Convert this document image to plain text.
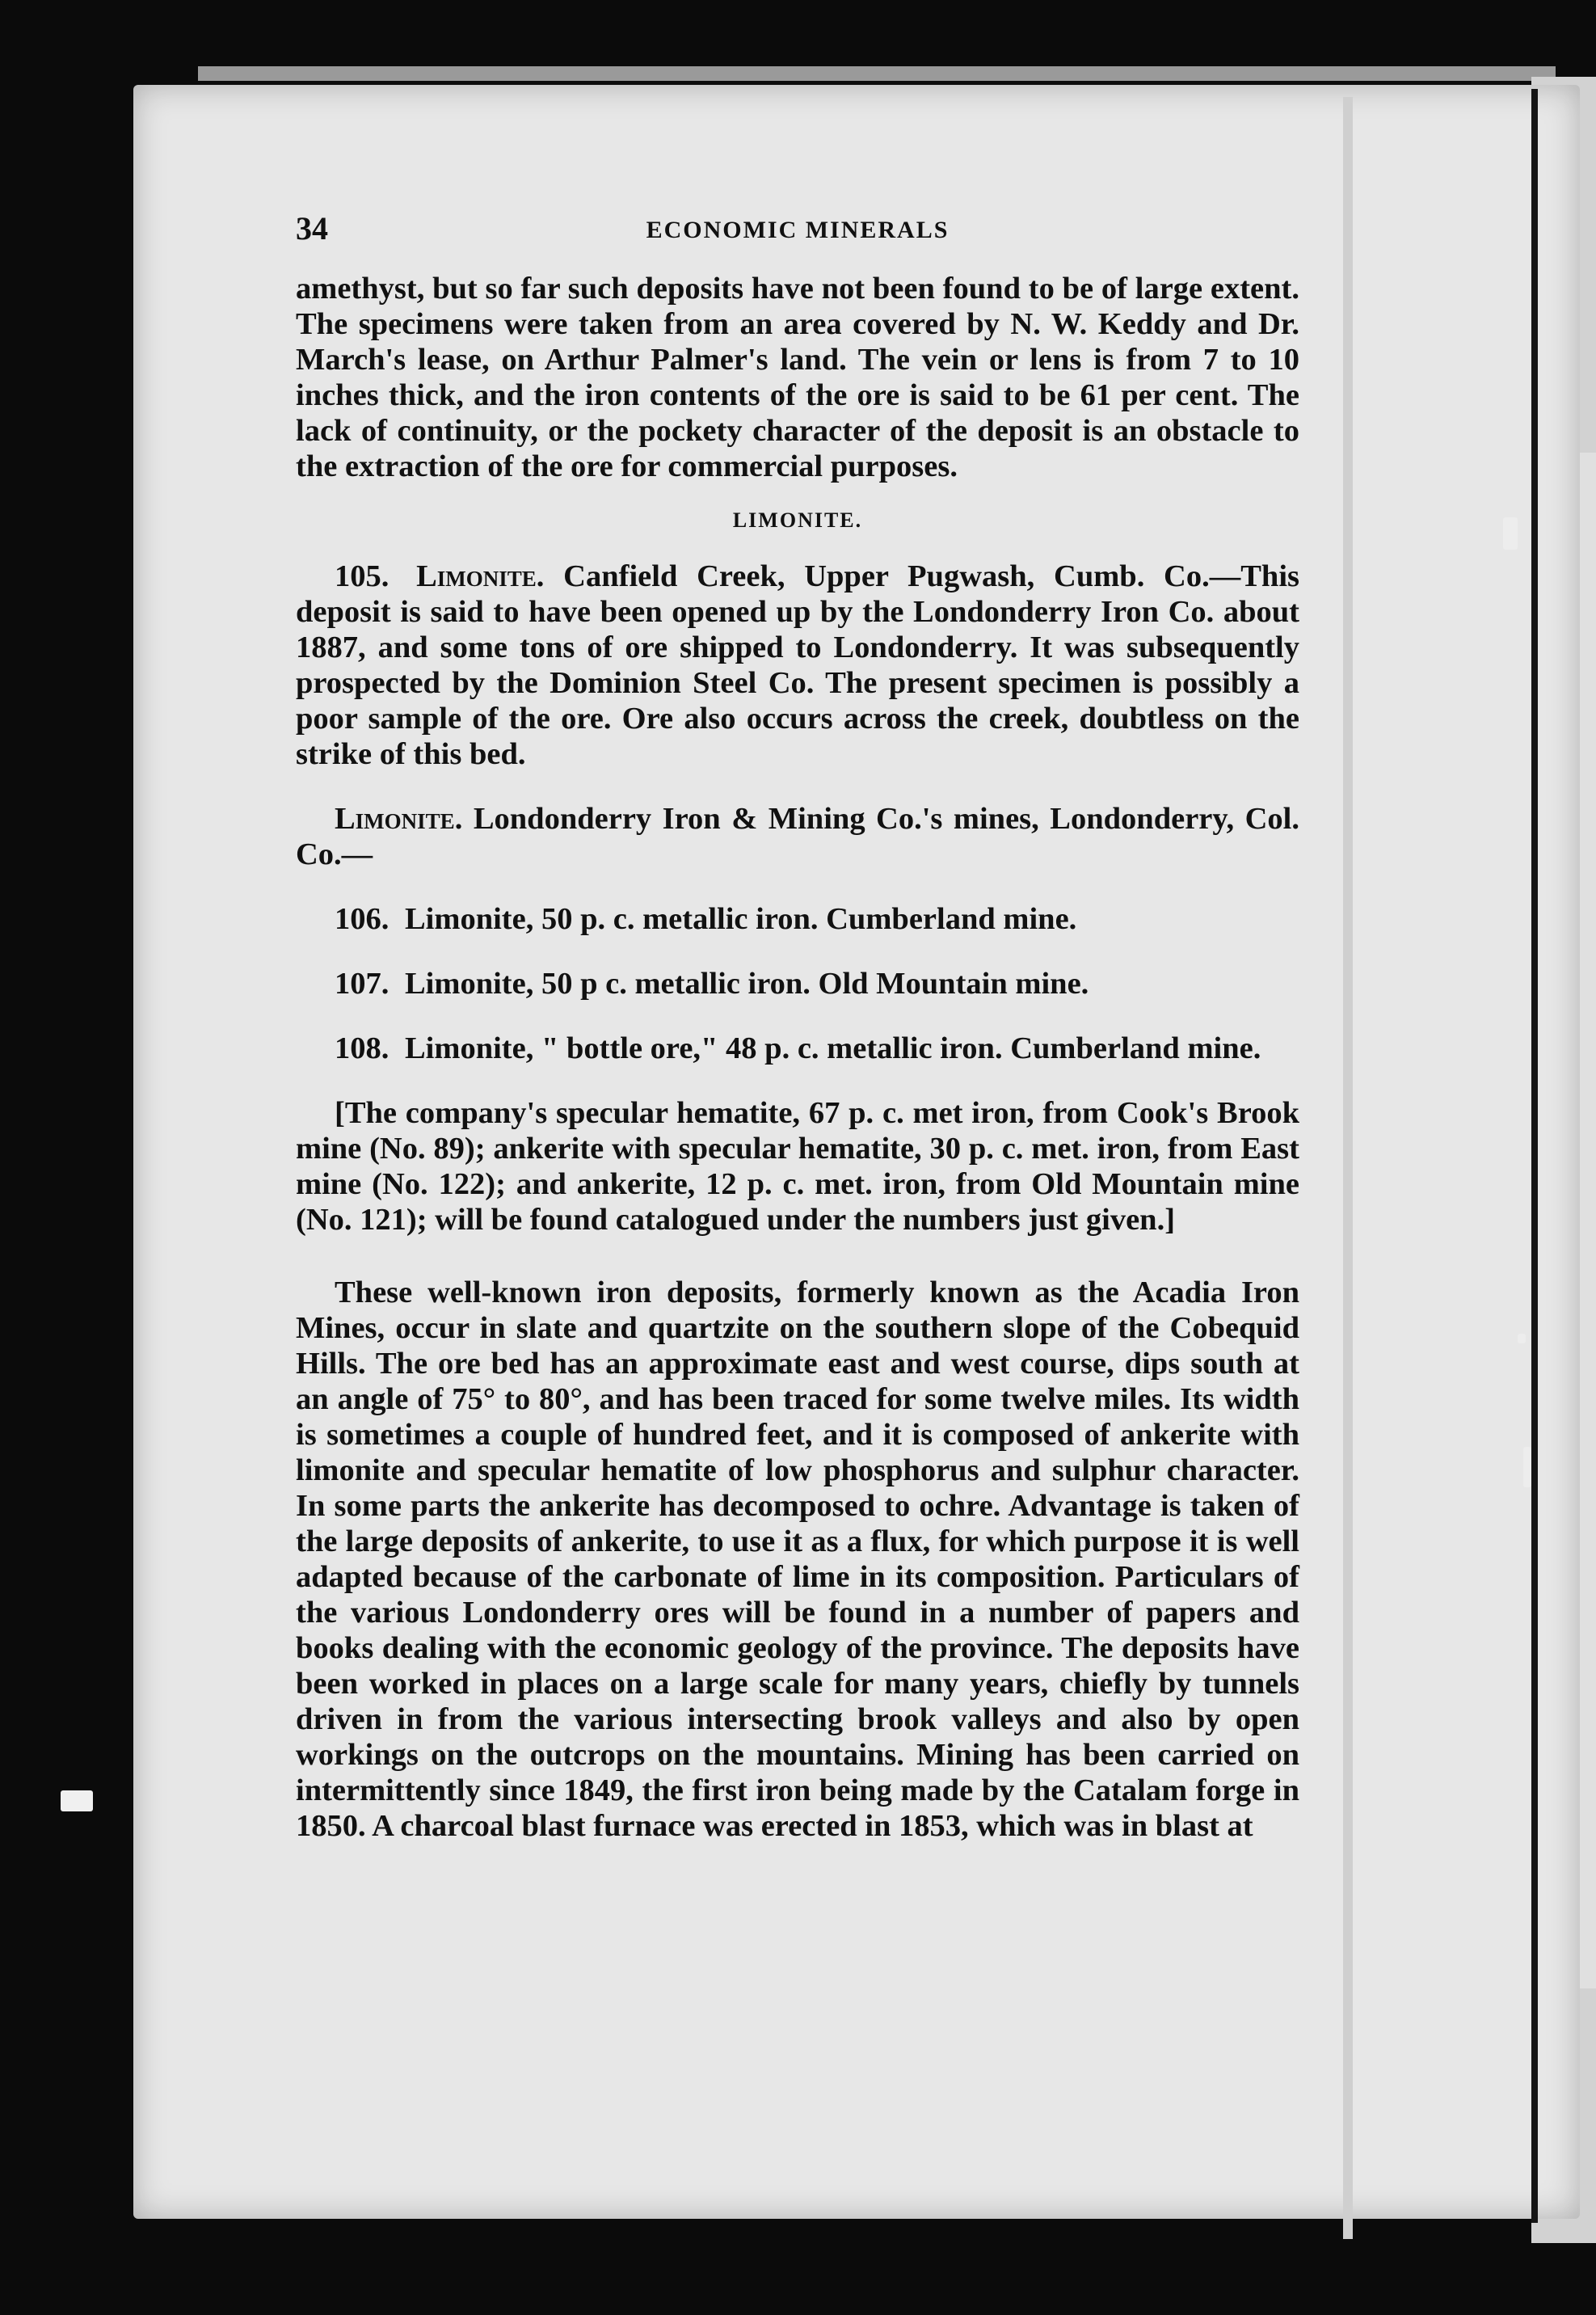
34	ECONOMIC MINERALS

amethyst, but so far such deposits have not been found to be of large extent. The specimens were taken from an area covered by N. W. Keddy and Dr. March's lease, on Arthur Palmer's land. The vein or lens is from 7 to 10 inches thick, and the iron contents of the ore is said to be 61 per cent. The lack of continuity, or the pockety character of the deposit is an obstacle to the extraction of the ore for commercial purposes.

LIMONITE.

105. Limonite. Canfield Creek, Upper Pugwash, Cumb. Co.—This deposit is said to have been opened up by the Londonderry Iron Co. about 1887, and some tons of ore shipped to Londonderry. It was subsequently prospected by the Dominion Steel Co. The present specimen is possibly a poor sample of the ore. Ore also occurs across the creek, doubtless on the strike of this bed.

Limonite. Londonderry Iron & Mining Co.'s mines, Londonderry, Col. Co.—

106. Limonite, 50 p. c. metallic iron. Cumberland mine.

107. Limonite, 50 p c. metallic iron. Old Mountain mine.

108. Limonite, " bottle ore," 48 p. c. metallic iron. Cumberland mine.

[The company's specular hematite, 67 p. c. met iron, from Cook's Brook mine (No. 89); ankerite with specular hematite, 30 p. c. met. iron, from East mine (No. 122); and ankerite, 12 p. c. met. iron, from Old Mountain mine (No. 121); will be found catalogued under the numbers just given.]

These well-known iron deposits, formerly known as the Acadia Iron Mines, occur in slate and quartzite on the southern slope of the Cobequid Hills. The ore bed has an approximate east and west course, dips south at an angle of 75° to 80°, and has been traced for some twelve miles. Its width is sometimes a couple of hundred feet, and it is composed of ankerite with limonite and specular hematite of low phosphorus and sulphur character. In some parts the ankerite has decomposed to ochre. Advantage is taken of the large deposits of ankerite, to use it as a flux, for which purpose it is well adapted because of the carbonate of lime in its composition. Particulars of the various Londonderry ores will be found in a number of papers and books dealing with the economic geology of the province. The deposits have been worked in places on a large scale for many years, chiefly by tunnels driven in from the various intersecting brook valleys and also by open workings on the outcrops on the mountains. Mining has been carried on intermittently since 1849, the first iron being made by the Catalam forge in 1850. A charcoal blast furnace was erected in 1853, which was in blast at
